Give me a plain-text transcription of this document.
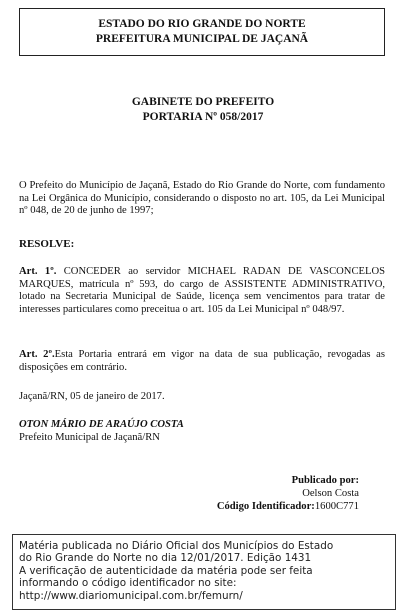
ESTADO DO RIO GRANDE DO NORTE
PREFEITURA MUNICIPAL DE JAÇANÃ
GABINETE DO PREFEITO
PORTARIA Nº 058/2017
O Prefeito do Município de Jaçanã, Estado do Rio Grande do Norte, com fundamento na Lei Orgânica do Município, considerando o disposto no art. 105, da Lei Municipal nº 048, de 20 de junho de 1997;
RESOLVE:
Art. 1º. CONCEDER ao servidor MICHAEL RADAN DE VASCONCELOS MARQUES, matrícula nº 593, do cargo de ASSISTENTE ADMINISTRATIVO, lotado na Secretaria Municipal de Saúde, licença sem vencimentos para tratar de interesses particulares como preceitua o art. 105 da Lei Municipal nº 048/97.
Art. 2º.Esta Portaria entrará em vigor na data de sua publicação, revogadas as disposições em contrário.
Jaçanã/RN, 05 de janeiro de 2017.
OTON MÁRIO DE ARAÚJO COSTA
Prefeito Municipal de Jaçanã/RN
Publicado por:
Oelson Costa
Código Identificador:1600C771
Matéria publicada no Diário Oficial dos Municípios do Estado
do Rio Grande do Norte no dia 12/01/2017. Edição 1431
A verificação de autenticidade da matéria pode ser feita
informando o código identificador no site:
http://www.diariomunicipal.com.br/femurn/
